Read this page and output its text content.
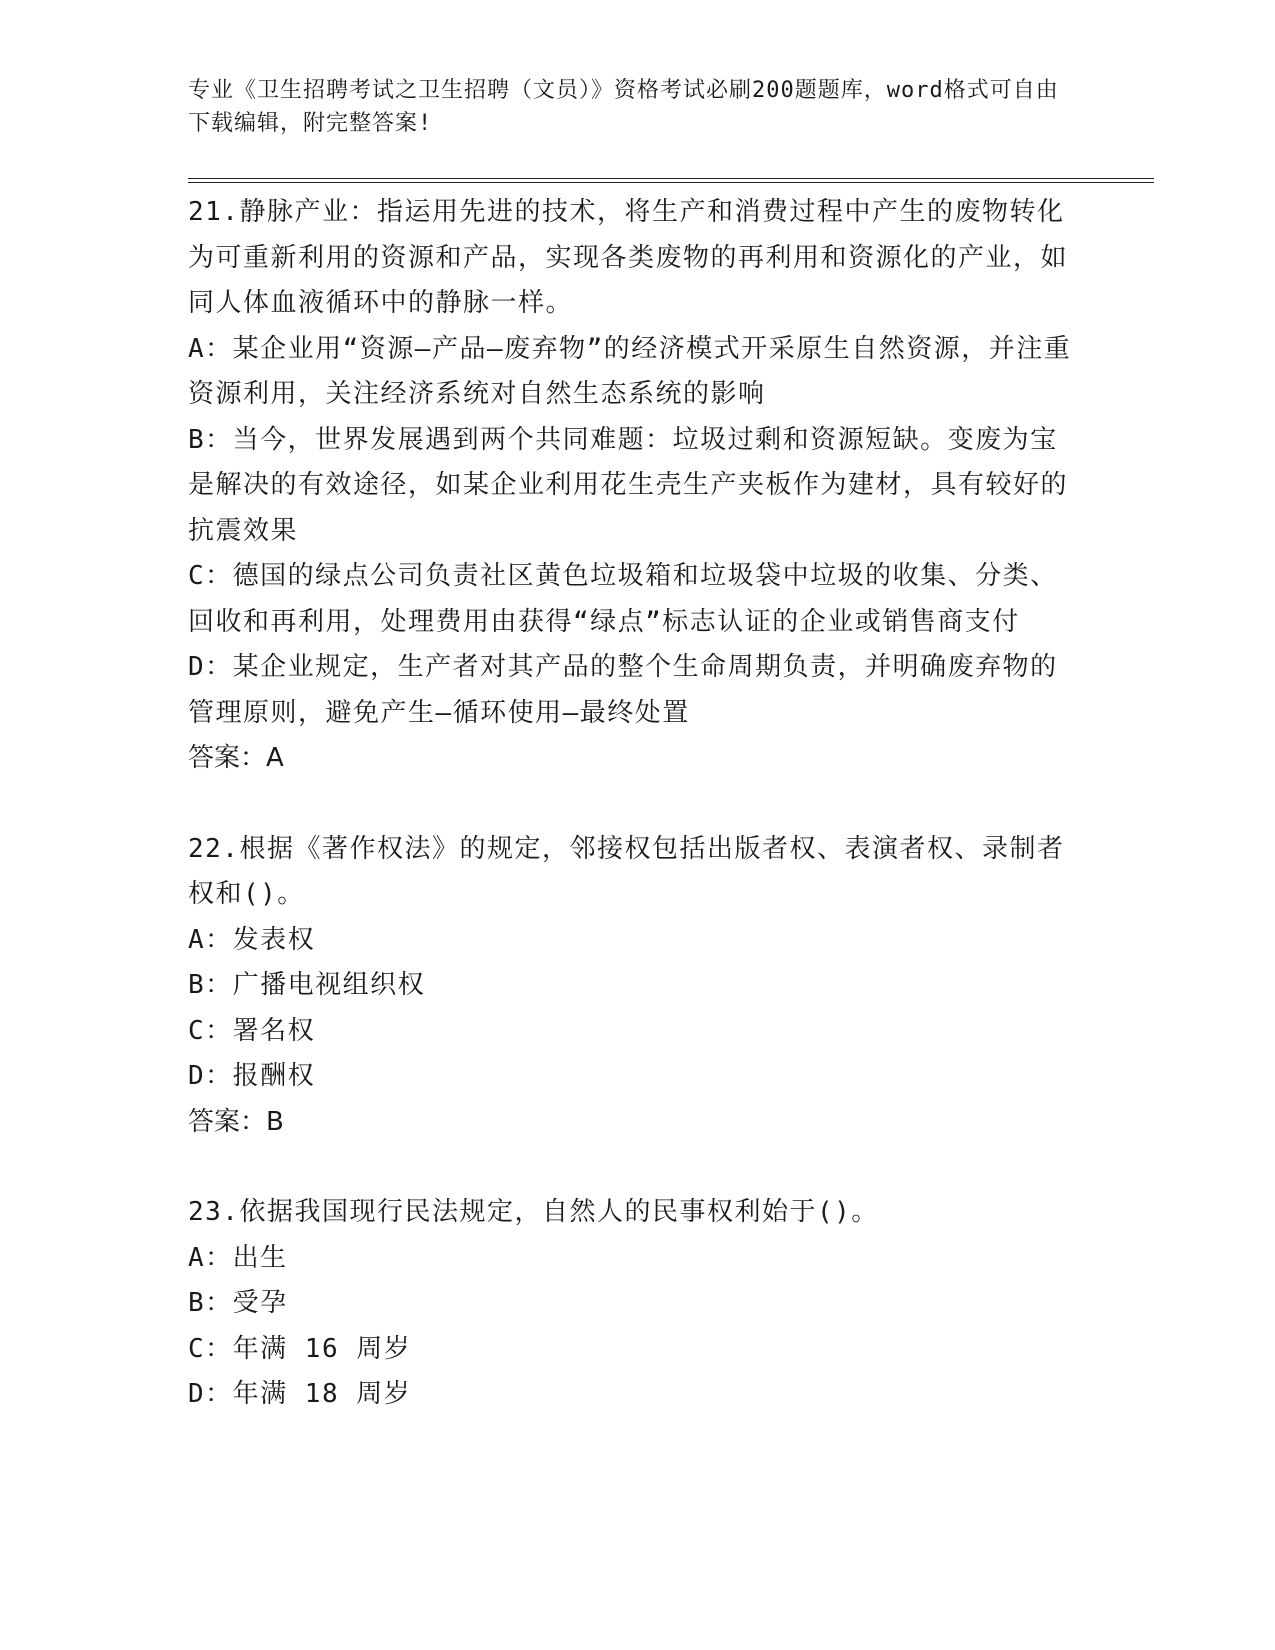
专业《卫生招聘考试之卫生招聘（文员）》资格考试必刷200题题库，word格式可自由下载编辑，附完整答案!

21.静脉产业：指运用先进的技术，将生产和消费过程中产生的废物转化为可重新利用的资源和产品，实现各类废物的再利用和资源化的产业，如同人体血液循环中的静脉一样。

A：某企业用“资源—产品—废弃物”的经济模式开采原生自然资源，并注重资源利用，关注经济系统对自然生态系统的影响

B：当今，世界发展遇到两个共同难题：垃圾过剩和资源短缺。变废为宝是解决的有效途径，如某企业利用花生壳生产夹板作为建材，具有较好的抗震效果

C：德国的绿点公司负责社区黄色垃圾箱和垃圾袋中垃圾的收集、分类、回收和再利用，处理费用由获得“绿点”标志认证的企业或销售商支付

D：某企业规定，生产者对其产品的整个生命周期负责，并明确废弃物的管理原则，避免产生—循环使用—最终处置

答案：A

22.根据《著作权法》的规定，邻接权包括出版者权、表演者权、录制者权和()。

A：发表权

B：广播电视组织权

C：署名权

D：报酬权

答案：B

23.依据我国现行民法规定，自然人的民事权利始于()。

A：出生

B：受孕

C：年满 16 周岁

D：年满 18 周岁
